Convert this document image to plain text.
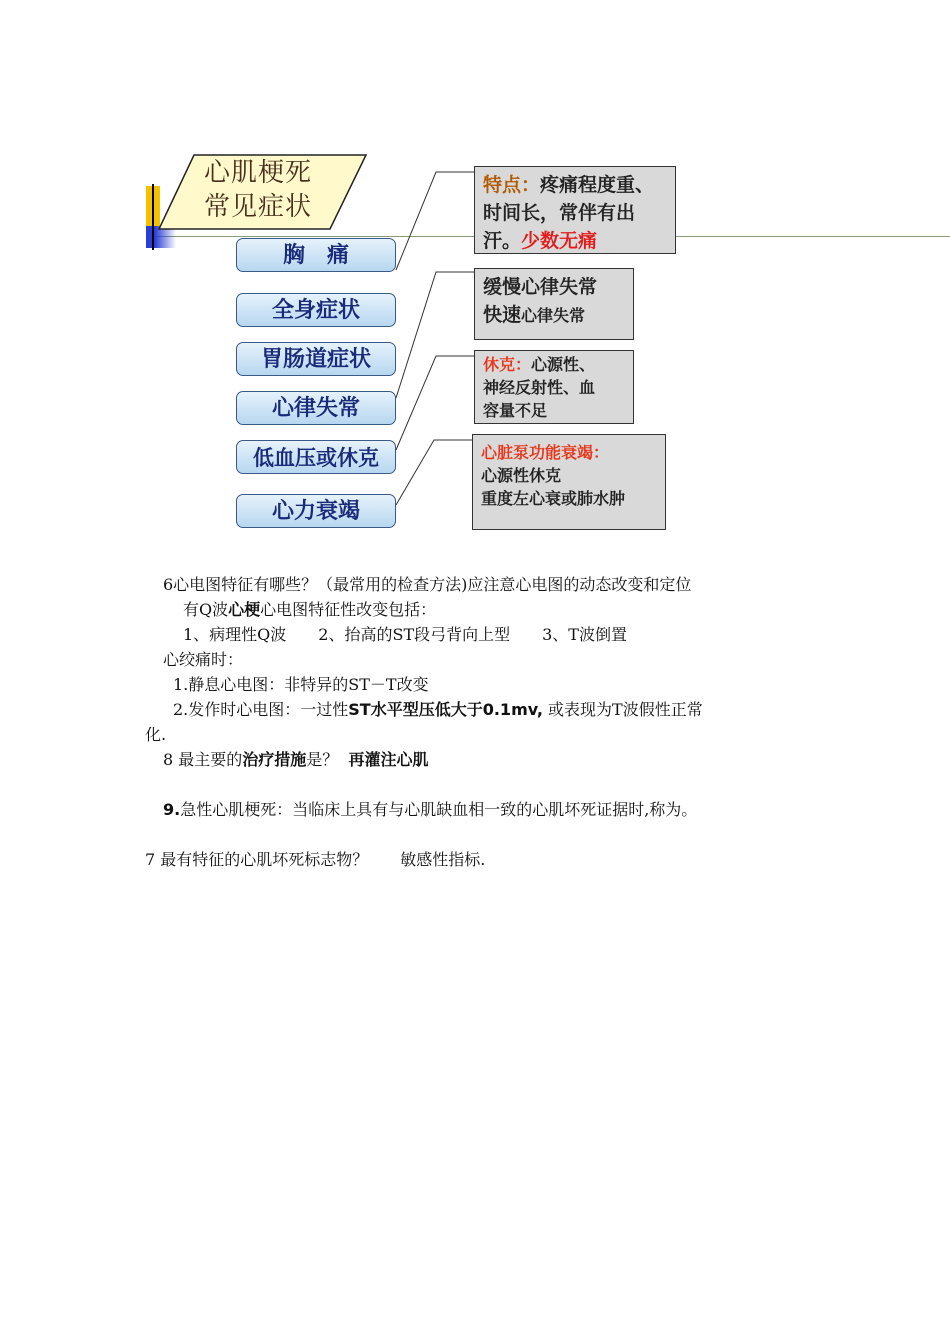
心肌梗死
常见症状
胸　痛
全身症状
胃肠道症状
心律失常
低血压或休克
心力衰竭
特点：疼痛程度重、时间长，常伴有出汗。少数无痛
缓慢心律失常
快速心律失常
休克：心源性、
神经反射性、血
容量不足
心脏泵功能衰竭：
心源性休克
重度左心衰或肺水肿
6心电图特征有哪些？（最常用的检查方法)应注意心电图的动态改变和定位
有Q波心梗心电图特征性改变包括：
1、病理性Q波　　2、抬高的ST段弓背向上型　　3、T波倒置
心绞痛时：
1.静息心电图：非特异的ST－T改变
2.发作时心电图：一过性ST水平型压低大于0.1mv, 或表现为T波假性正常
化.
8 最主要的治疗措施是？ 再灌注心肌
9.急性心肌梗死：当临床上具有与心肌缺血相一致的心肌坏死证据时,称为。
7 最有特征的心肌坏死标志物？　　敏感性指标.
